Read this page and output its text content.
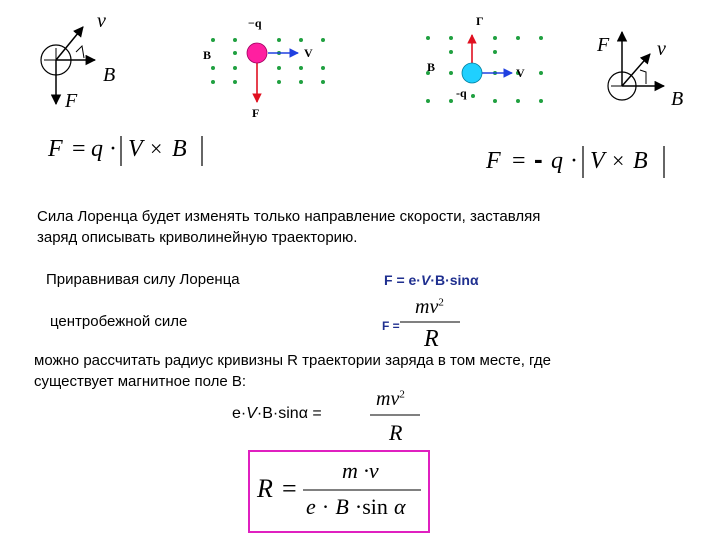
v
B
F
−q
B	V
F
Г
B	V
-q
F v
B
F = q · V × B	F = - q · V × B
Сила Лоренца будет изменять только направление скорости, заставляя
заряд описывать криволинейную траекторию.
Приравнивая силу Лоренца	F = e·V·B·sinα
центробежной силе	F =
$mv^2$
R
можно рассчитать радиус кривизны R траектории заряда в том месте, где
существует магнитное поле B:
e·V·B·sinα =
$mv^2$
R
R =
m ·v
e · B ·sin α
